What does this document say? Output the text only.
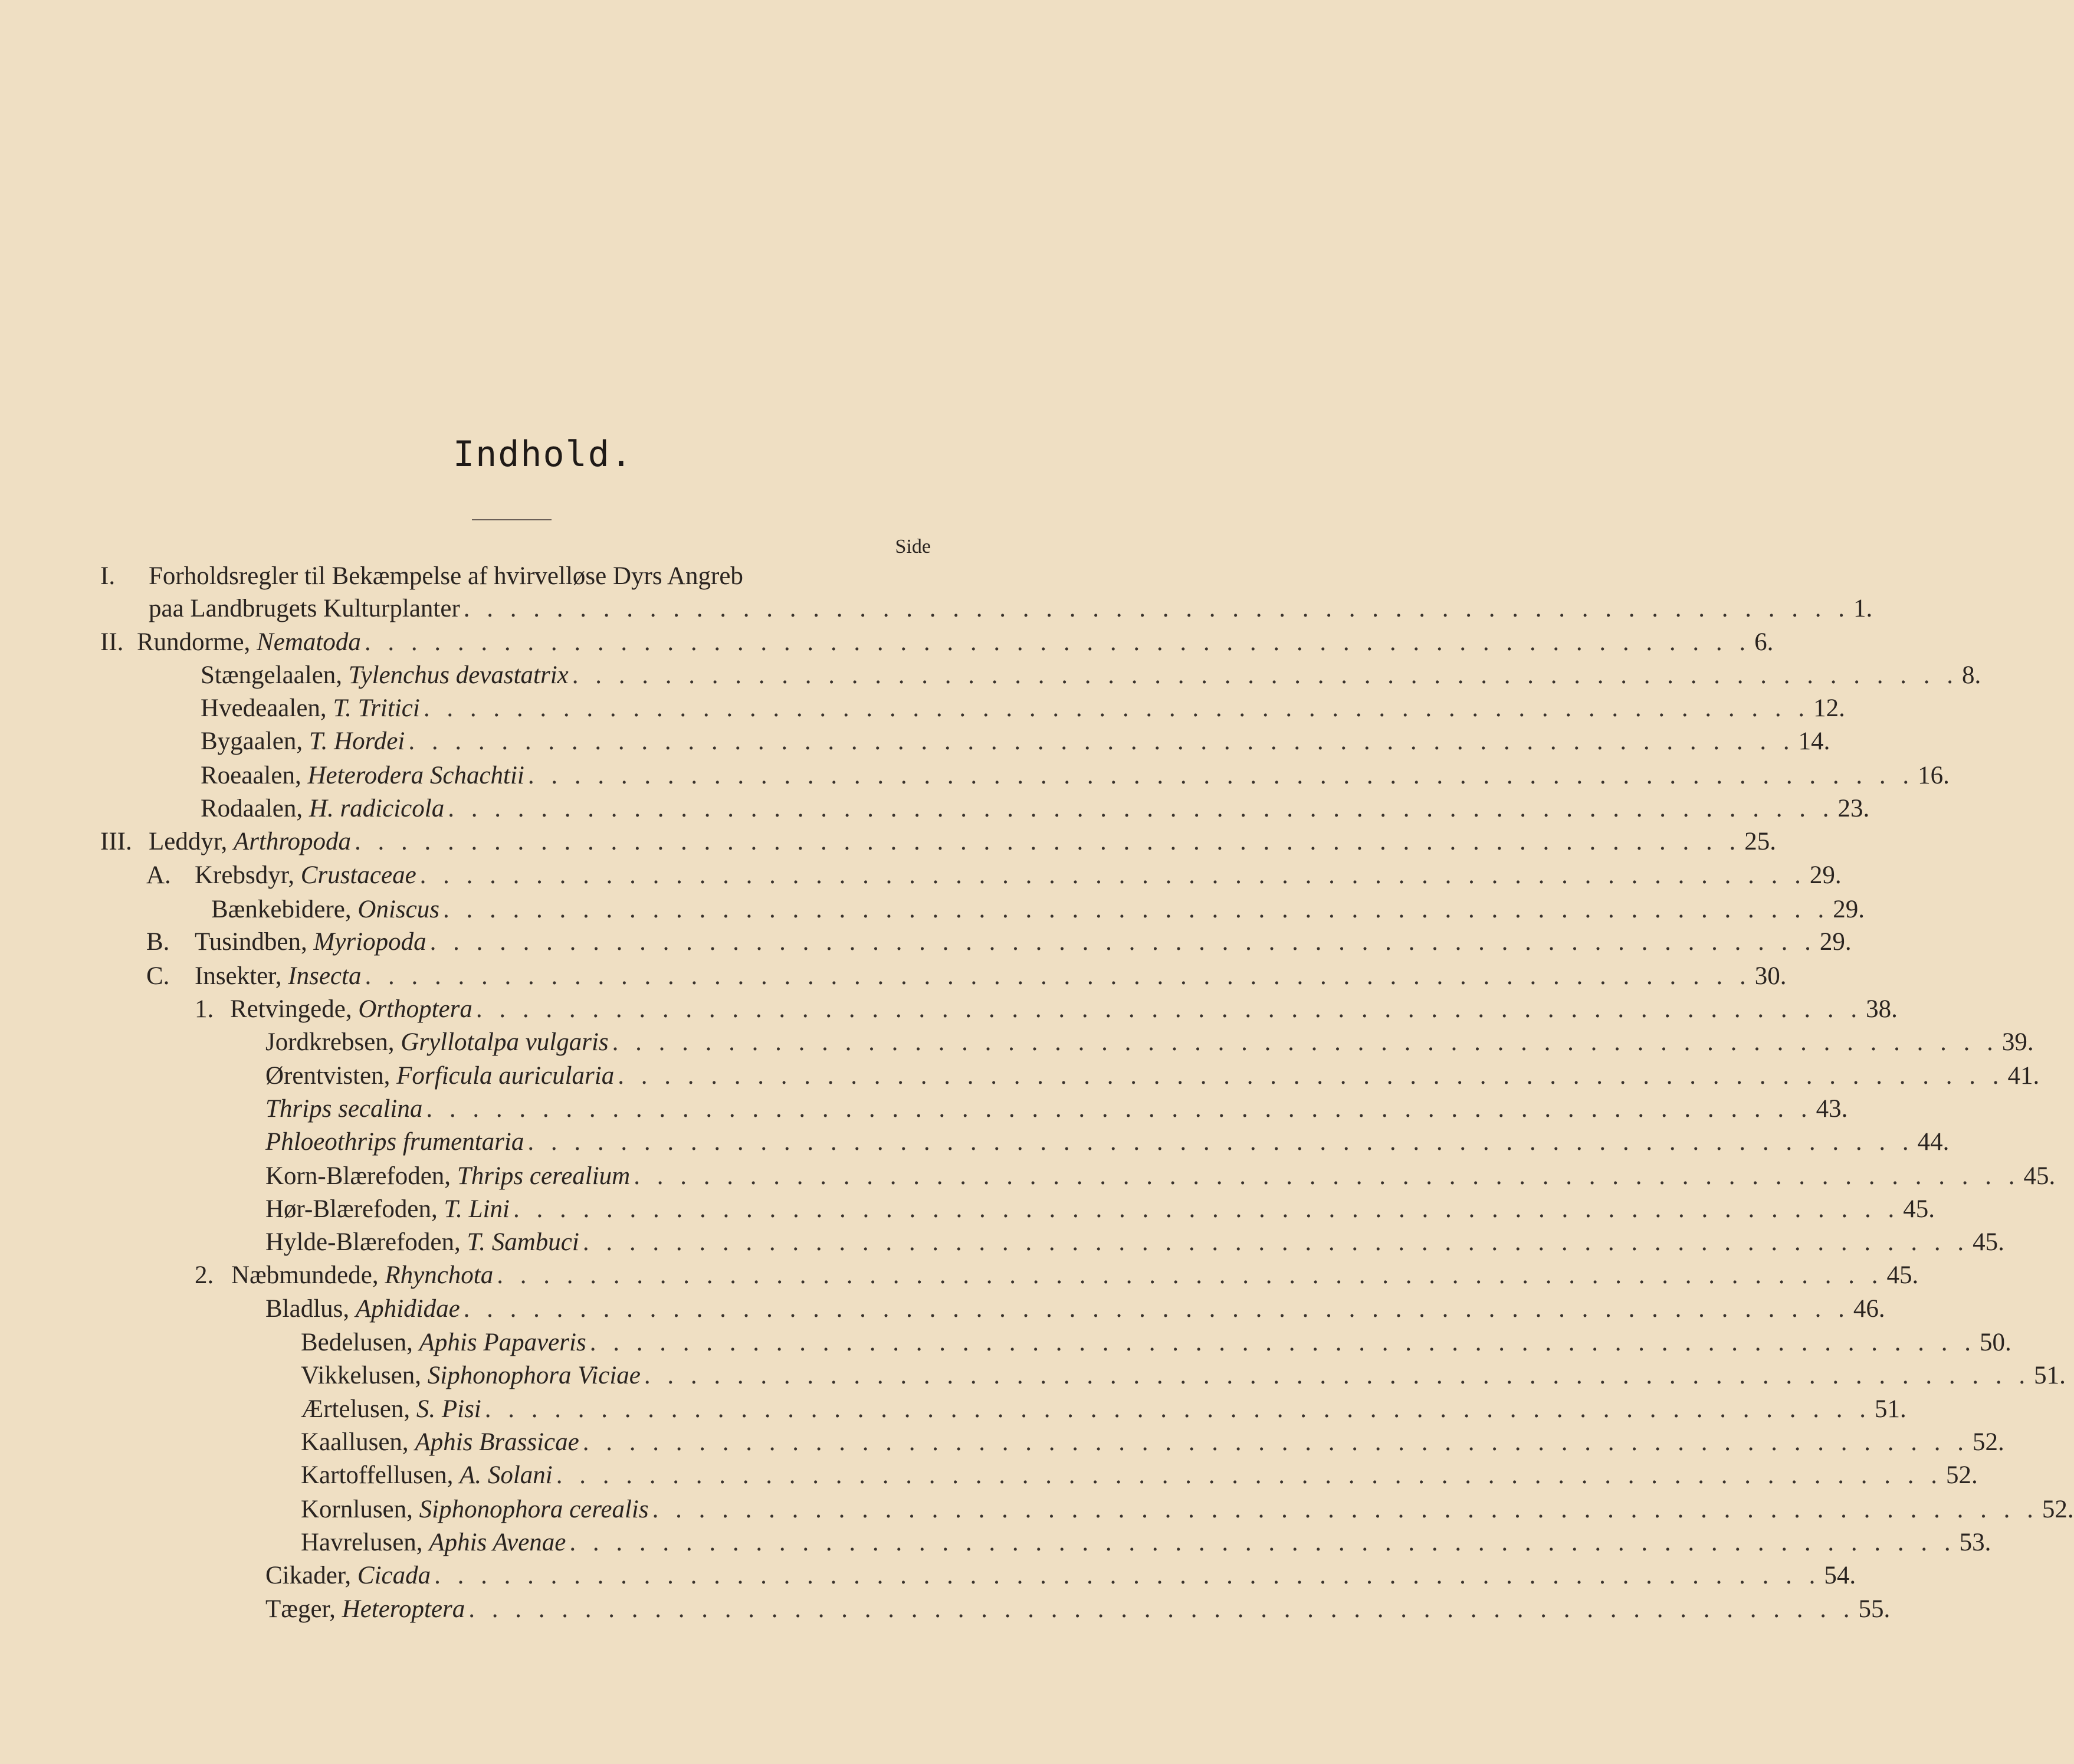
Indhold.
Side
I. Forholdsregler til Bekæmpelse af hvirvelløse Dyrs Angreb
paa Landbrugets Kulturplanter . . . . . . . . . . . . . . . . . . . . . . . . . . . . . . . . . . . . . . . . . . . . . . . . . . . . . . . . . . . . 1.
II. Rundorme, Nematoda . . . . . . . . . . . . . . . . . . . . . . . . . . . . . . . . . . . . . . . . . . . . . . . . . . . . . . . . . . . . 6.
Stængelaalen, Tylenchus devastatrix . . . . . . . . . . . . . . . . . . . . . . . . . . . . . . . . . . . . . . . . . . . . . . . . . . . . . . . . . . . . 8.
Hvedeaalen, T. Tritici . . . . . . . . . . . . . . . . . . . . . . . . . . . . . . . . . . . . . . . . . . . . . . . . . . . . . . . . . . . . 12.
Bygaalen, T. Hordei . . . . . . . . . . . . . . . . . . . . . . . . . . . . . . . . . . . . . . . . . . . . . . . . . . . . . . . . . . . . 14.
Roeaalen, Heterodera Schachtii . . . . . . . . . . . . . . . . . . . . . . . . . . . . . . . . . . . . . . . . . . . . . . . . . . . . . . . . . . . . 16.
Rodaalen, H. radicicola . . . . . . . . . . . . . . . . . . . . . . . . . . . . . . . . . . . . . . . . . . . . . . . . . . . . . . . . . . . . 23.
III. Leddyr, Arthropoda . . . . . . . . . . . . . . . . . . . . . . . . . . . . . . . . . . . . . . . . . . . . . . . . . . . . . . . . . . . . 25.
A. Krebsdyr, Crustaceae . . . . . . . . . . . . . . . . . . . . . . . . . . . . . . . . . . . . . . . . . . . . . . . . . . . . . . . . . . . . 29.
Bænkebidere, Oniscus . . . . . . . . . . . . . . . . . . . . . . . . . . . . . . . . . . . . . . . . . . . . . . . . . . . . . . . . . . . . 29.
B. Tusindben, Myriopoda . . . . . . . . . . . . . . . . . . . . . . . . . . . . . . . . . . . . . . . . . . . . . . . . . . . . . . . . . . . . 29.
C. Insekter, Insecta . . . . . . . . . . . . . . . . . . . . . . . . . . . . . . . . . . . . . . . . . . . . . . . . . . . . . . . . . . . . 30.
1. Retvingede, Orthoptera . . . . . . . . . . . . . . . . . . . . . . . . . . . . . . . . . . . . . . . . . . . . . . . . . . . . . . . . . . . . 38.
Jordkrebsen, Gryllotalpa vulgaris . . . . . . . . . . . . . . . . . . . . . . . . . . . . . . . . . . . . . . . . . . . . . . . . . . . . . . . . . . . . 39.
Ørentvisten, Forficula auricularia . . . . . . . . . . . . . . . . . . . . . . . . . . . . . . . . . . . . . . . . . . . . . . . . . . . . . . . . . . . . 41.
Thrips secalina . . . . . . . . . . . . . . . . . . . . . . . . . . . . . . . . . . . . . . . . . . . . . . . . . . . . . . . . . . . . 43.
Phloeothrips frumentaria . . . . . . . . . . . . . . . . . . . . . . . . . . . . . . . . . . . . . . . . . . . . . . . . . . . . . . . . . . . . 44.
Korn-Blærefoden, Thrips cerealium . . . . . . . . . . . . . . . . . . . . . . . . . . . . . . . . . . . . . . . . . . . . . . . . . . . . . . . . . . . . 45.
Hør-Blærefoden, T. Lini . . . . . . . . . . . . . . . . . . . . . . . . . . . . . . . . . . . . . . . . . . . . . . . . . . . . . . . . . . . . 45.
Hylde-Blærefoden, T. Sambuci . . . . . . . . . . . . . . . . . . . . . . . . . . . . . . . . . . . . . . . . . . . . . . . . . . . . . . . . . . . . 45.
2. Næbmundede, Rhynchota . . . . . . . . . . . . . . . . . . . . . . . . . . . . . . . . . . . . . . . . . . . . . . . . . . . . . . . . . . . . 45.
Bladlus, Aphididae . . . . . . . . . . . . . . . . . . . . . . . . . . . . . . . . . . . . . . . . . . . . . . . . . . . . . . . . . . . . 46.
Bedelusen, Aphis Papaveris . . . . . . . . . . . . . . . . . . . . . . . . . . . . . . . . . . . . . . . . . . . . . . . . . . . . . . . . . . . . 50.
Vikkelusen, Siphonophora Viciae . . . . . . . . . . . . . . . . . . . . . . . . . . . . . . . . . . . . . . . . . . . . . . . . . . . . . . . . . . . . 51.
Ærtelusen, S. Pisi . . . . . . . . . . . . . . . . . . . . . . . . . . . . . . . . . . . . . . . . . . . . . . . . . . . . . . . . . . . . 51.
Kaallusen, Aphis Brassicae . . . . . . . . . . . . . . . . . . . . . . . . . . . . . . . . . . . . . . . . . . . . . . . . . . . . . . . . . . . . 52.
Kartoffellusen, A. Solani . . . . . . . . . . . . . . . . . . . . . . . . . . . . . . . . . . . . . . . . . . . . . . . . . . . . . . . . . . . . 52.
Kornlusen, Siphonophora cerealis . . . . . . . . . . . . . . . . . . . . . . . . . . . . . . . . . . . . . . . . . . . . . . . . . . . . . . . . . . . . 52.
Havrelusen, Aphis Avenae . . . . . . . . . . . . . . . . . . . . . . . . . . . . . . . . . . . . . . . . . . . . . . . . . . . . . . . . . . . . 53.
Cikader, Cicada . . . . . . . . . . . . . . . . . . . . . . . . . . . . . . . . . . . . . . . . . . . . . . . . . . . . . . . . . . . . 54.
Tæger, Heteroptera . . . . . . . . . . . . . . . . . . . . . . . . . . . . . . . . . . . . . . . . . . . . . . . . . . . . . . . . . . . . 55.
